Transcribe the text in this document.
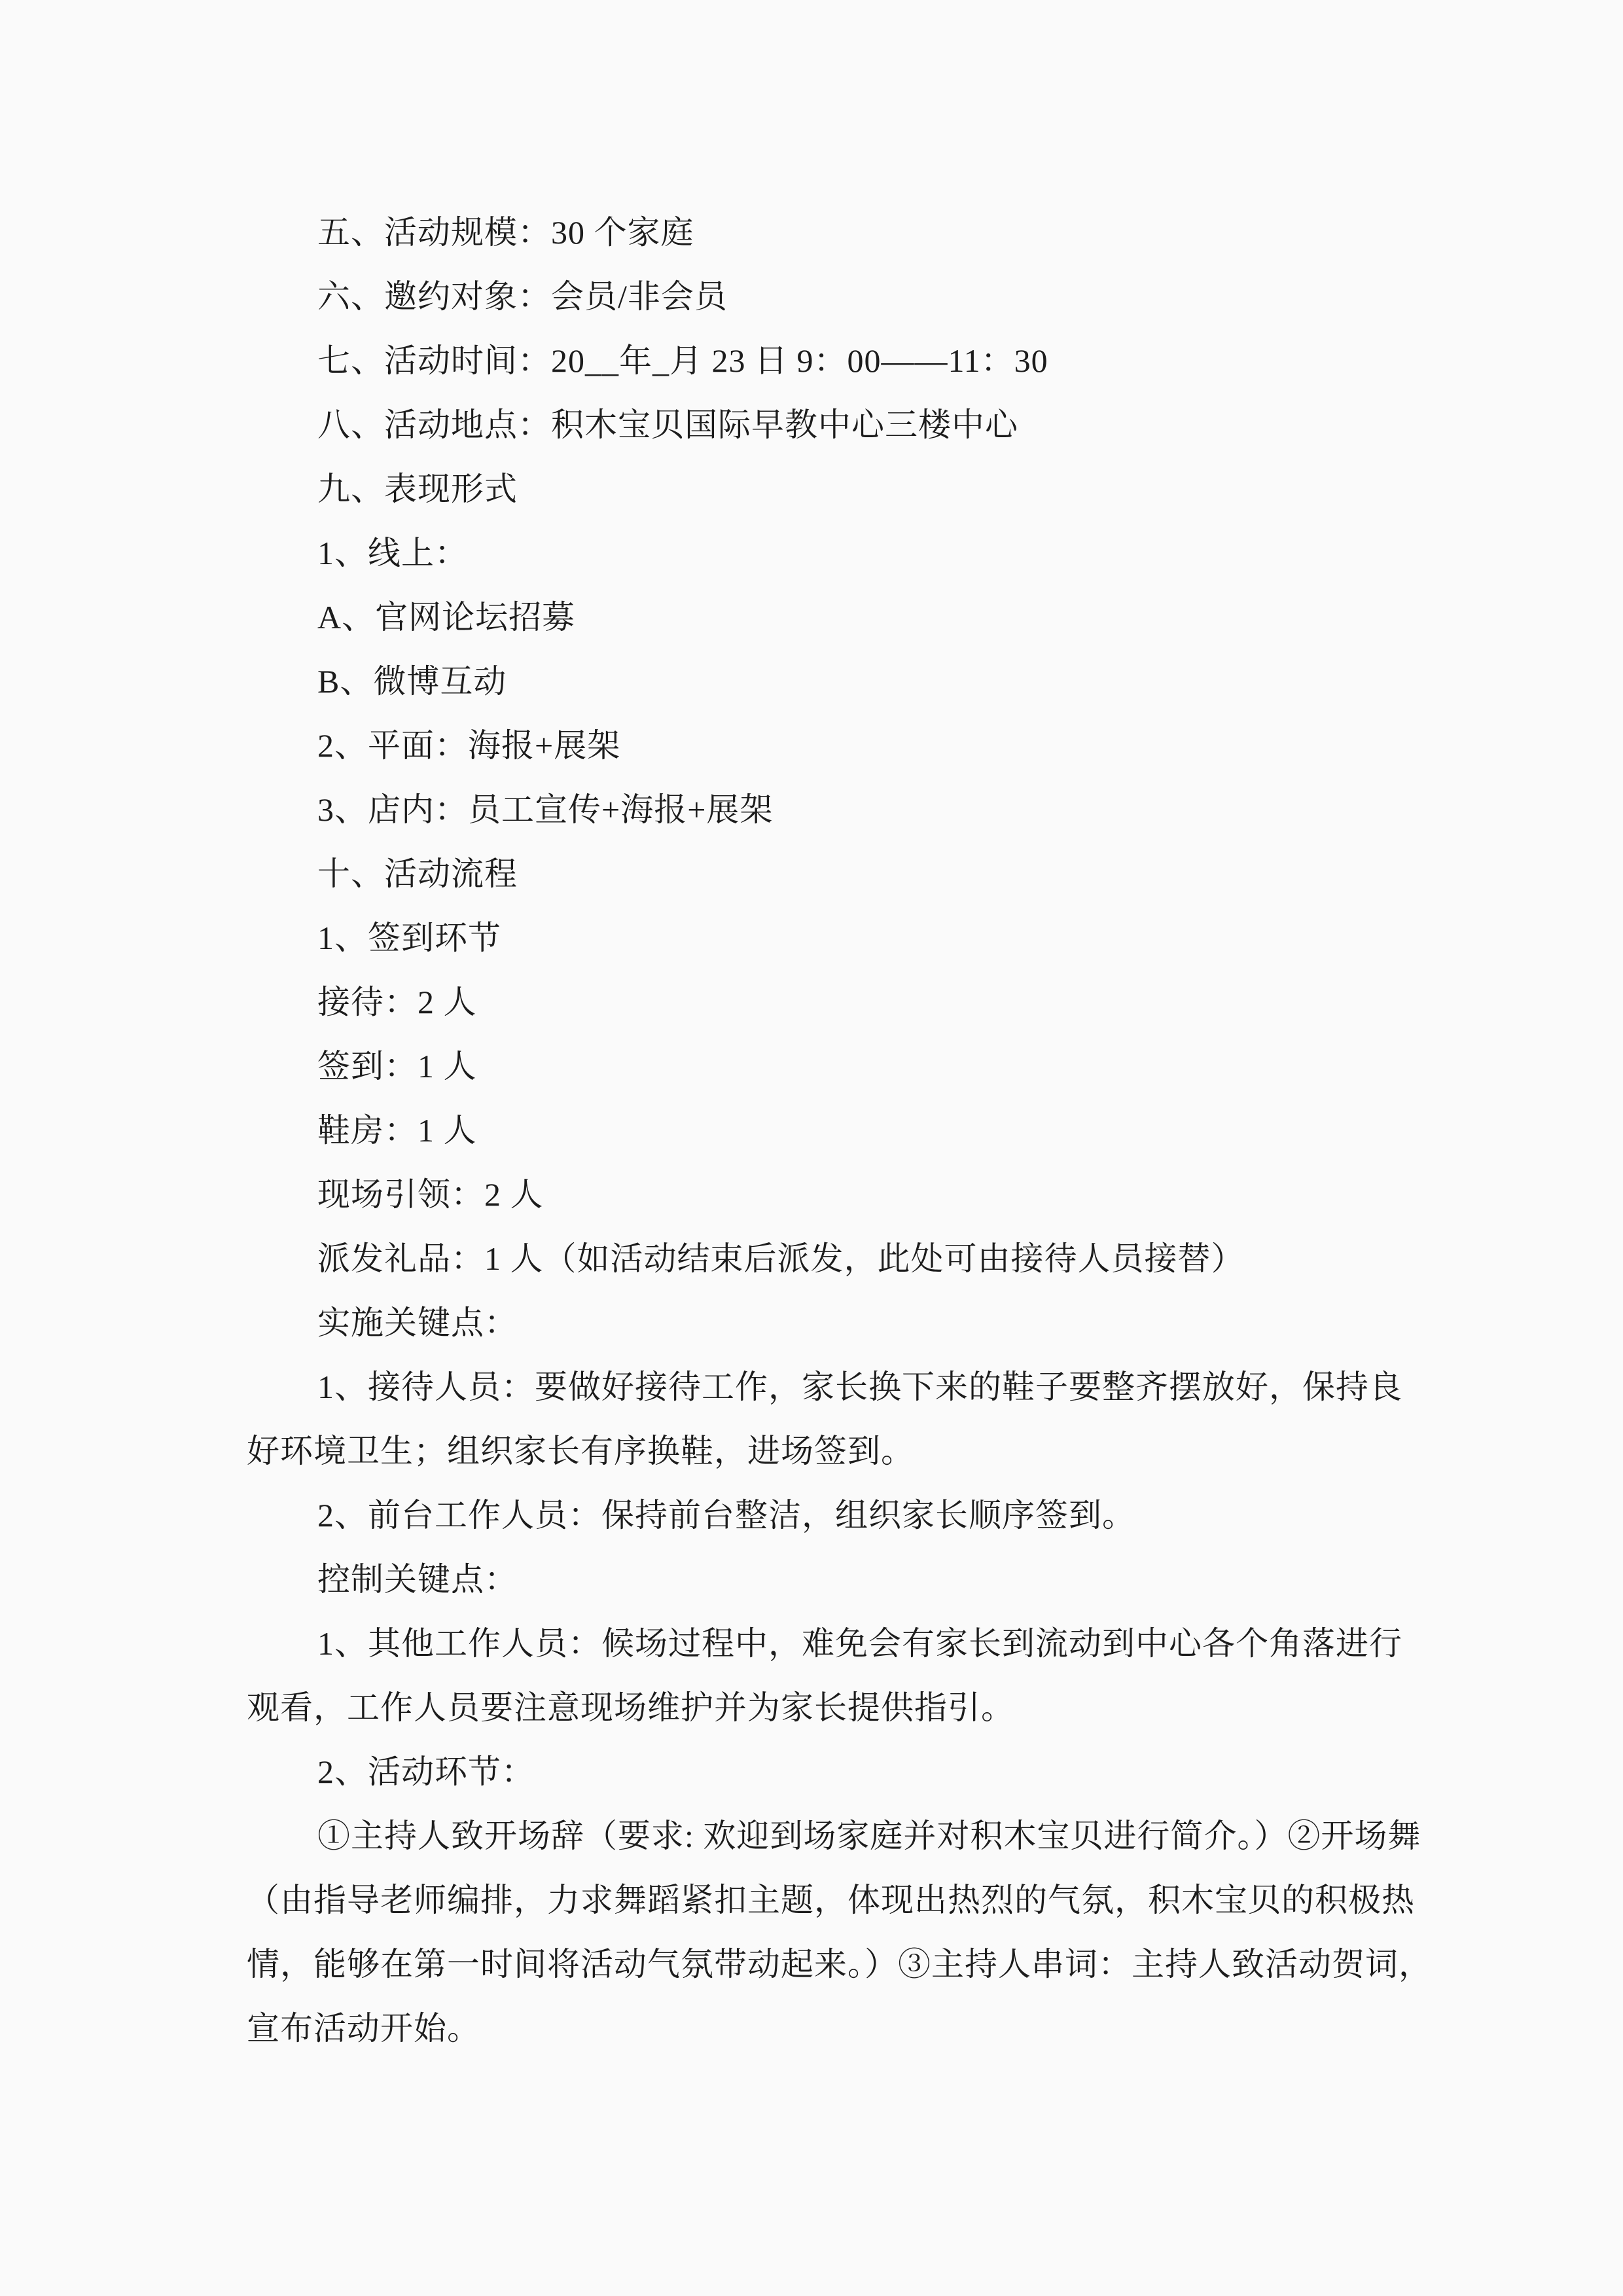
五、活动规模：30 个家庭
六、邀约对象：会员/非会员
七、活动时间：20__年_月 23 日 9：00——11：30
八、活动地点：积木宝贝国际早教中心三楼中心
九、表现形式
1、线上：
A、官网论坛招募
B、微博互动
2、平面：海报+展架
3、店内：员工宣传+海报+展架
十、活动流程
1、签到环节
接待：2 人
签到：1 人
鞋房：1 人
现场引领：2 人
派发礼品：1 人（如活动结束后派发，此处可由接待人员接替）
实施关键点：
1、接待人员：要做好接待工作，家长换下来的鞋子要整齐摆放好，保持良
好环境卫生；组织家长有序换鞋，进场签到。
2、前台工作人员：保持前台整洁，组织家长顺序签到。
控制关键点：
1、其他工作人员：候场过程中，难免会有家长到流动到中心各个角落进行
观看，工作人员要注意现场维护并为家长提供指引。
2、活动环节：
①主持人致开场辞（要求: 欢迎到场家庭并对积木宝贝进行简介。）②开场舞
（由指导老师编排，力求舞蹈紧扣主题，体现出热烈的气氛，积木宝贝的积极热
情，能够在第一时间将活动气氛带动起来。）③主持人串词：主持人致活动贺词，
宣布活动开始。
